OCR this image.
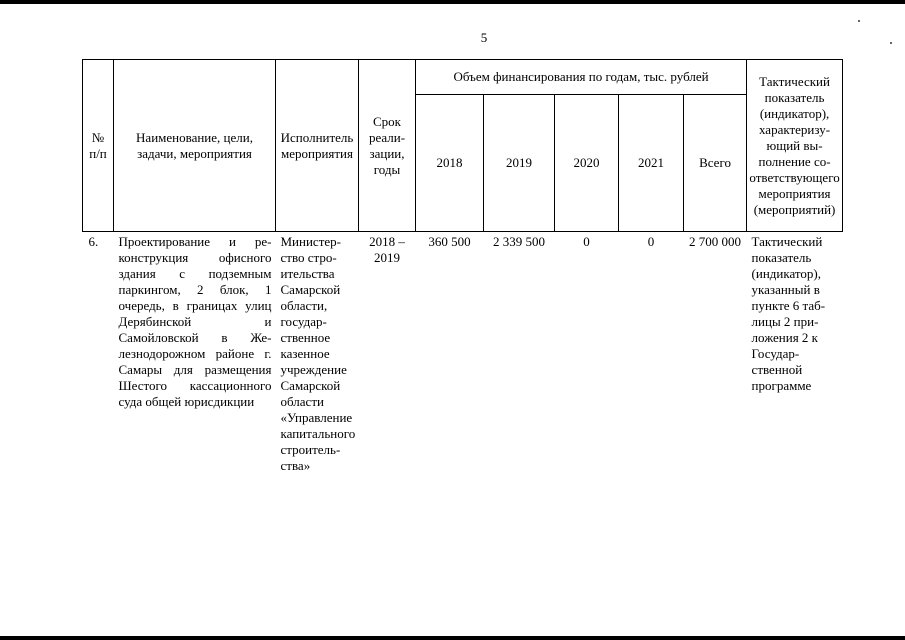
5
№ п/п	Наименование, цели, задачи, мероприятия	Исполнитель мероприятия	Срок реализации, годы	Объем финансирования по годам, тыс. рублей					Тактический показатель (индикатор), характеризующий выполнение соответствующего мероприятия (мероприятий)
				2018	2019	2020	2021	Всего	
6.	Проектирование и реконструкция офисного здания с подземным паркингом, 2 блок, 1 очередь, в границах улиц Дерябинской и Самойловской в Железнодорожном районе г. Самары для размещения Шестого кассационного суда общей юрисдикции	Министерство строительства Самарской области, государственное казенное учреждение Самарской области «Управление капитального строительства»	2018 – 2019	360 500	2 339 500	0	0	2 700 000	Тактический показатель (индикатор), указанный в пункте 6 таблицы 2 приложения 2 к Государственной программе
